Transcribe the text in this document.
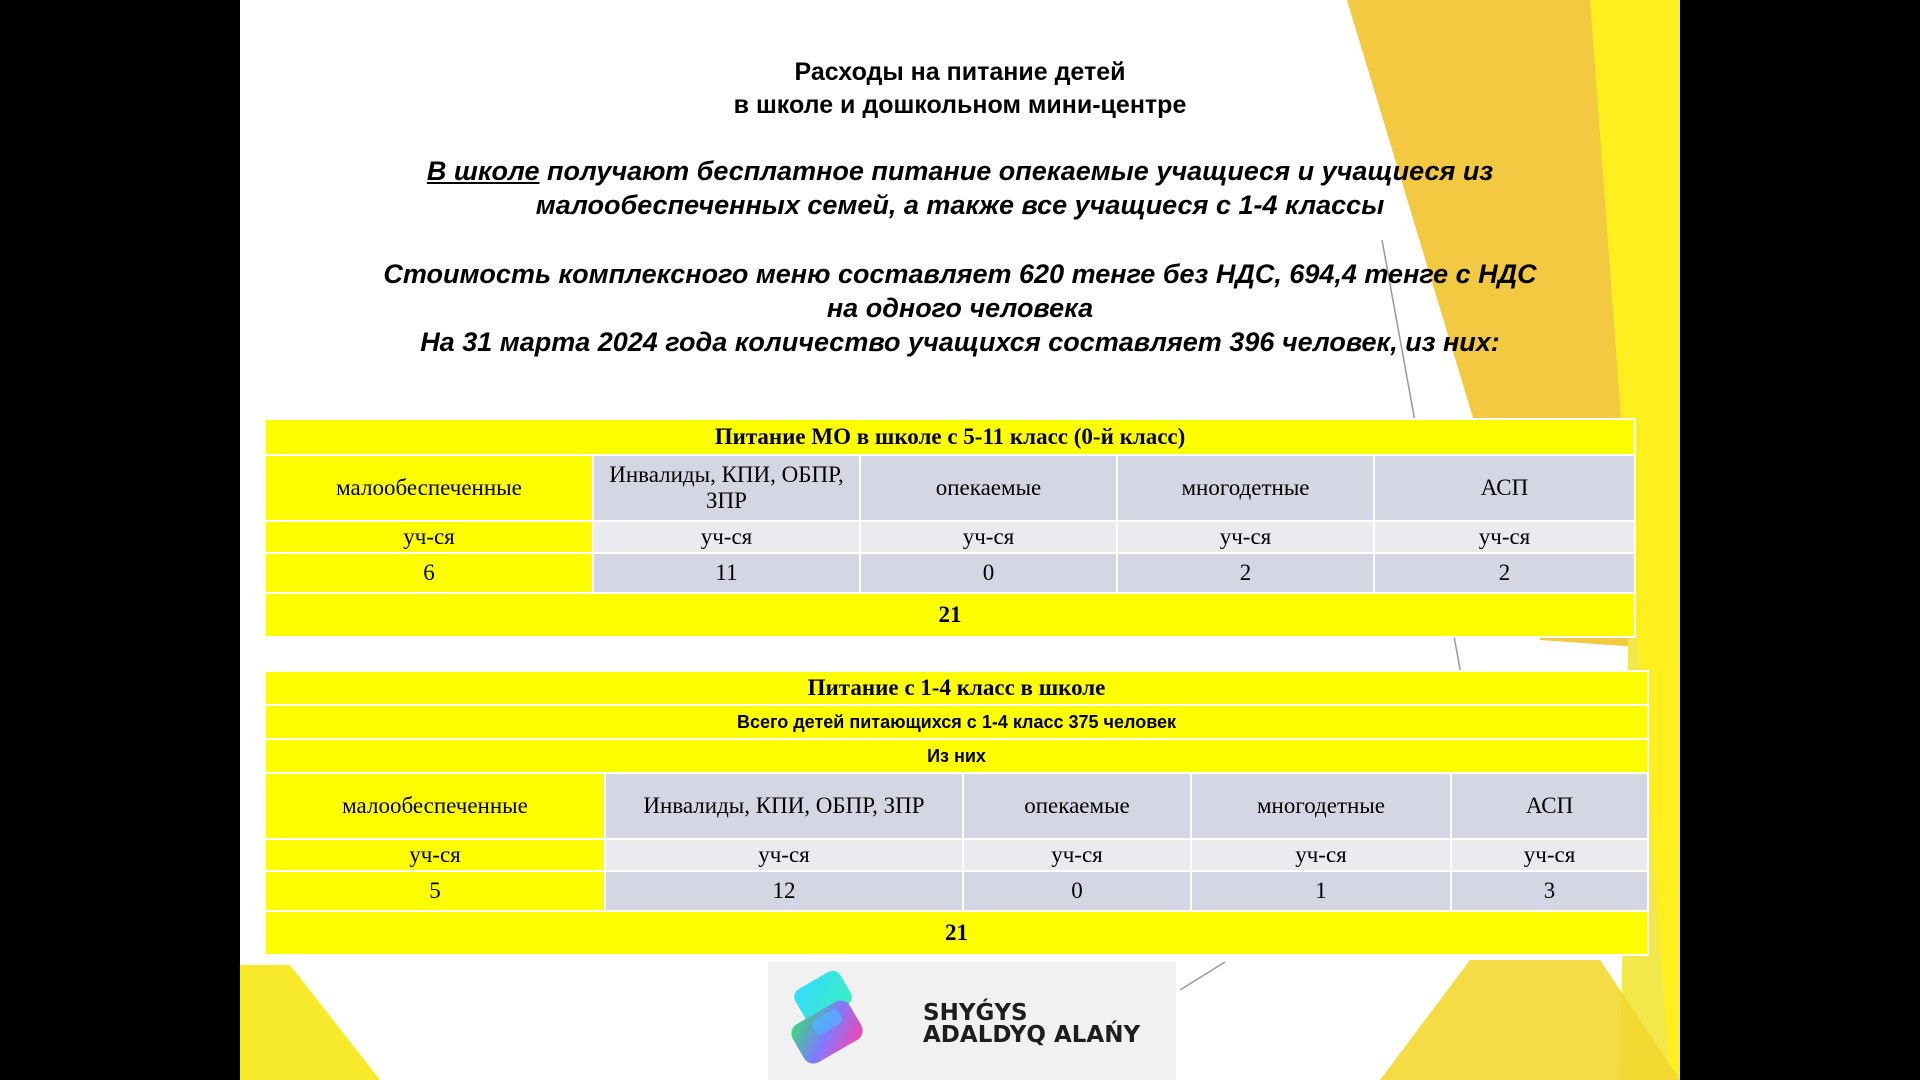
Расходы на питание детей
в школе и дошкольном мини-центре
В школе получают бесплатное питание опекаемые учащиеся и учащиеся из
малообеспеченных семей, а также все учащиеся с 1-4 классы
Стоимость комплексного меню составляет 620 тенге без НДС, 694,4 тенге с НДС
на одного человека
На 31 марта 2024 года количество учащихся составляет 396 человек, из них:
Питание МО в школе с 5-11 класс (0-й класс)				
малообеспеченные	Инвалиды, КПИ, ОБПР, ЗПР	опекаемые	многодетные	АСП
уч-ся	уч-ся	уч-ся	уч-ся	уч-ся
6	11	0	2	2
21				
Питание с 1-4 класс в школе				
Всего детей питающихся с 1-4 класс 375 человек				
Из них				
малообеспеченные	Инвалиды, КПИ, ОБПР, ЗПР	опекаемые	многодетные	АСП
уч-ся	уч-ся	уч-ся	уч-ся	уч-ся
5	12	0	1	3
21				
SHYǴYS
ADALDYQ ALAŃY
